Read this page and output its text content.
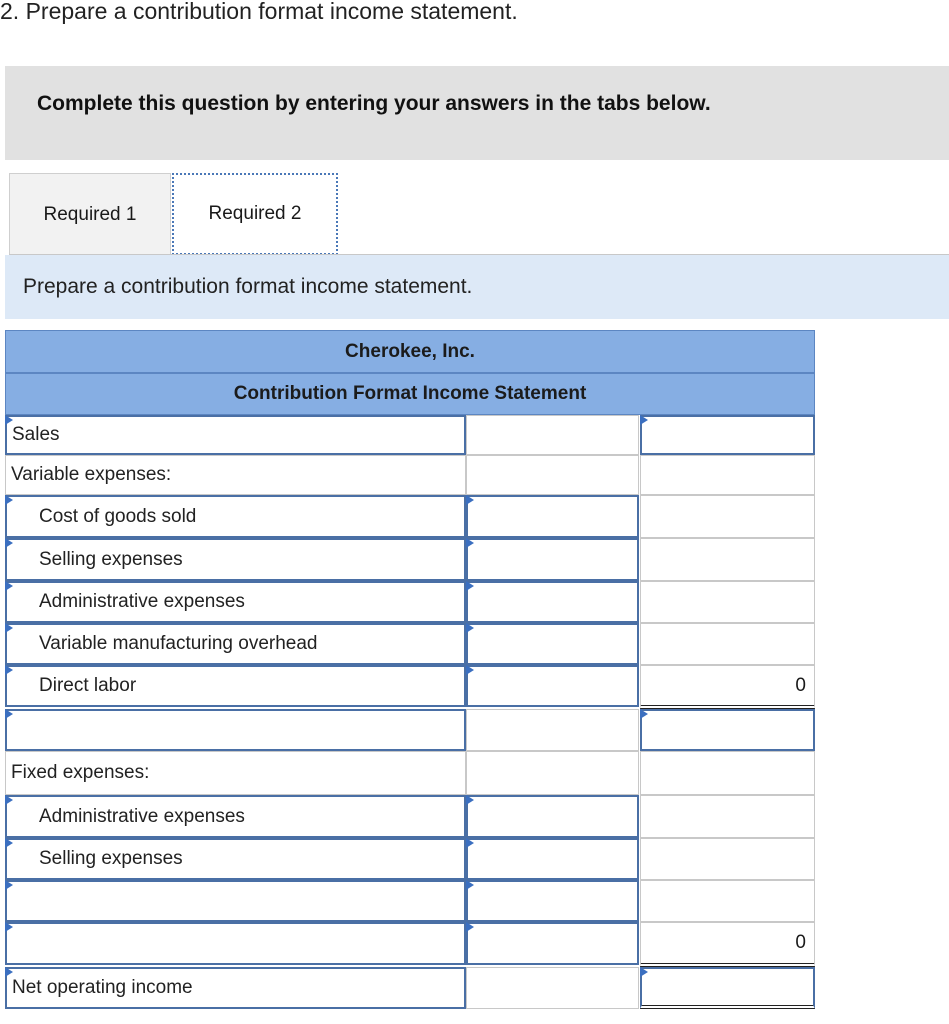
2. Prepare a contribution format income statement.
Complete this question by entering your answers in the tabs below.
Required 1	Required 2
Prepare a contribution format income statement.
Cherokee, Inc.
Contribution Format Income Statement
Sales
Variable expenses:
Cost of goods sold
Selling expenses
Administrative expenses
Variable manufacturing overhead
Direct labor	0
Fixed expenses:
Administrative expenses
Selling expenses
0
Net operating income
